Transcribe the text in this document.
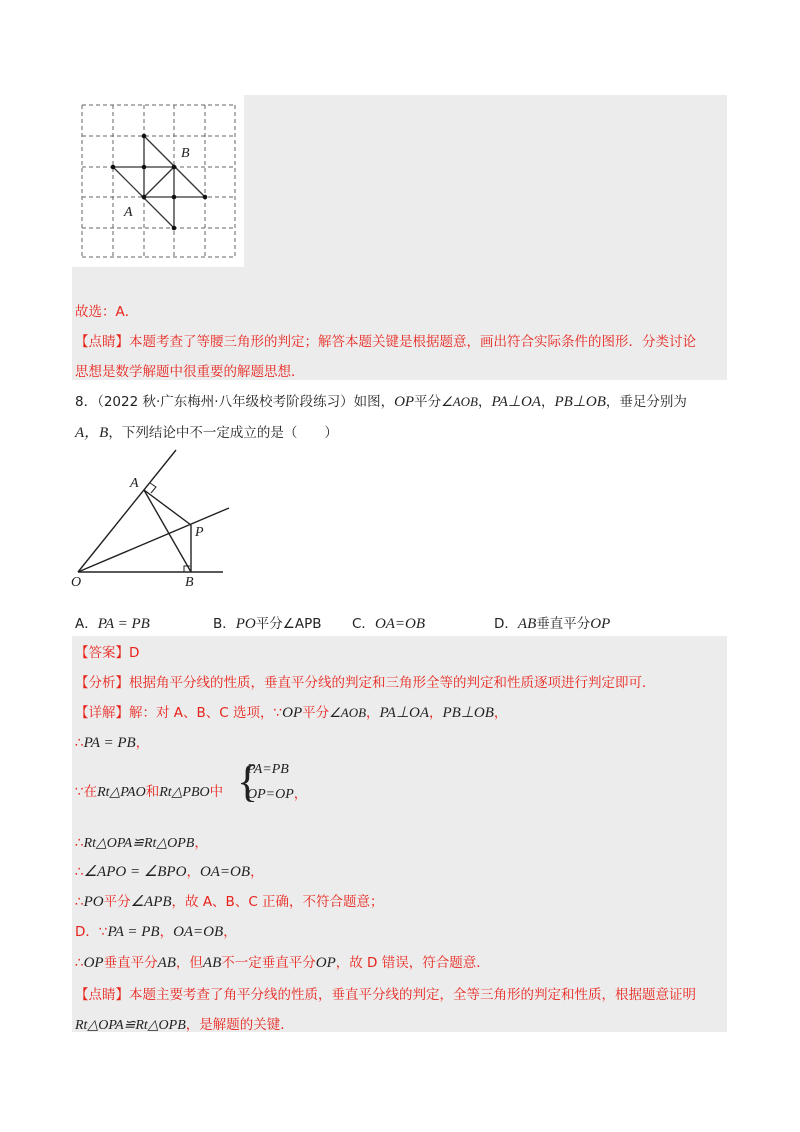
B
A
故选：A．
【点睛】本题考查了等腰三角形的判定；解答本题关键是根据题意，画出符合实际条件的图形．分类讨论
思想是数学解题中很重要的解题思想．
8．（2022 秋·广东梅州·八年级校考阶段练习）如图，OP平分∠AOB，PA⊥OA，PB⊥OB，垂足分别为
A，B，下列结论中不一定成立的是（　　）
A
P
O	B
A．PA = PB	B．PO平分∠APB C．OA=OB	D．AB垂直平分OP
【答案】D
【分析】根据角平分线的性质，垂直平分线的判定和三角形全等的判定和性质逐项进行判定即可．
【详解】解：对 A、B、C 选项，∵OP平分∠AOB，PA⊥OA，PB⊥OB，
∴PA = PB，
∵在Rt△PAO和Rt△PBO中 {
PA=PB
OP=OP，
∴Rt△OPA≌Rt△OPB，
∴∠APO = ∠BPO，OA=OB，
∴PO平分∠APB，故 A、B、C 正确，不符合题意；
D．∵PA = PB，OA=OB，
∴OP垂直平分AB，但AB不一定垂直平分OP，故 D 错误，符合题意．
【点睛】本题主要考查了角平分线的性质，垂直平分线的判定，全等三角形的判定和性质，根据题意证明
Rt△OPA≌Rt△OPB，是解题的关键．
